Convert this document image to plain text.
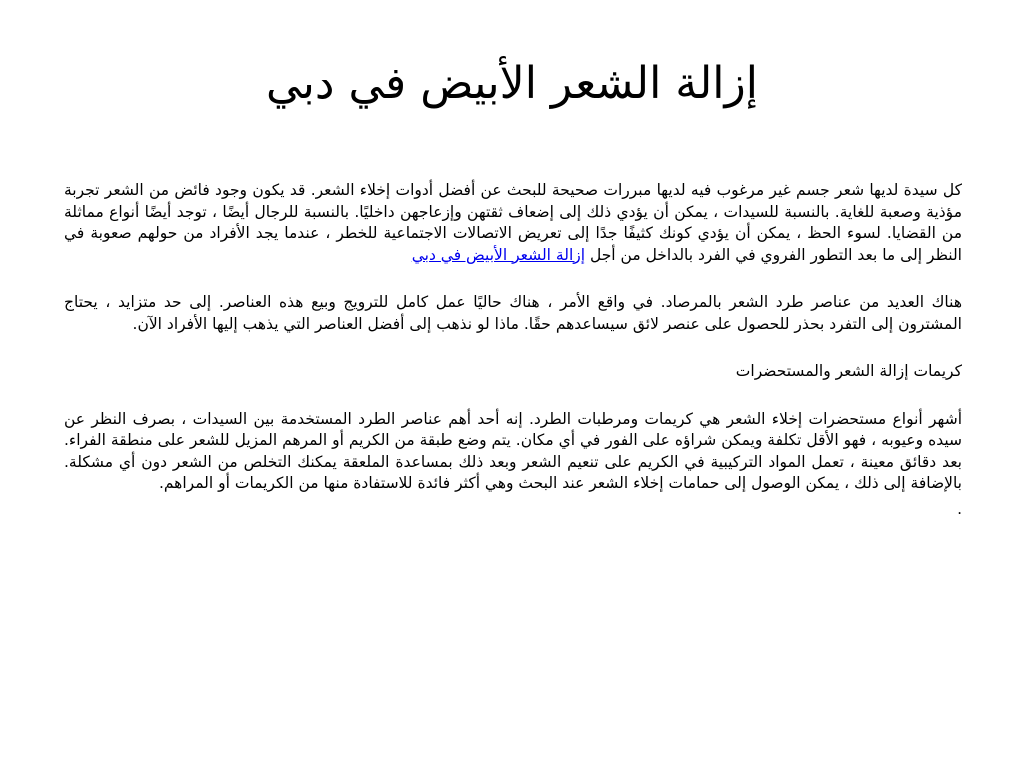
إزالة الشعر الأبيض في دبي

كل سيدة لديها شعر جسم غير مرغوب فيه لديها مبررات صحيحة للبحث عن أفضل أدوات إخلاء الشعر. قد يكون وجود فائض من الشعر تجربة مؤذية وصعبة للغاية. بالنسبة للسيدات ، يمكن أن يؤدي ذلك إلى إضعاف ثقتهن وإزعاجهن داخليًا. بالنسبة للرجال أيضًا ، توجد أيضًا أنواع مماثلة من القضايا. لسوء الحظ ، يمكن أن يؤدي كونك كثيفًا جدًا إلى تعريض الاتصالات الاجتماعية للخطر ، عندما يجد الأفراد من حولهم صعوبة في النظر إلى ما بعد التطور الفروي في الفرد بالداخل من أجل إزالة الشعر الأبيض في دبي

هناك العديد من عناصر طرد الشعر بالمرصاد. في واقع الأمر ، هناك حاليًا عمل كامل للترويج وبيع هذه العناصر. إلى حد متزايد ، يحتاج المشترون إلى التفرد بحذر للحصول على عنصر لائق سيساعدهم حقًا. ماذا لو نذهب إلى أفضل العناصر التي يذهب إليها الأفراد الآن.

كريمات إزالة الشعر والمستحضرات

أشهر أنواع مستحضرات إخلاء الشعر هي كريمات ومرطبات الطرد. إنه أحد أهم عناصر الطرد المستخدمة بين السيدات ، بصرف النظر عن سيده وعيوبه ، فهو الأقل تكلفة ويمكن شراؤه على الفور في أي مكان. يتم وضع طبقة من الكريم أو المرهم المزيل للشعر على منطقة الفراء. بعد دقائق معينة ، تعمل المواد التركيبية في الكريم على تنعيم الشعر وبعد ذلك بمساعدة الملعقة يمكنك التخلص من الشعر دون أي مشكلة. بالإضافة إلى ذلك ، يمكن الوصول إلى حمامات إخلاء الشعر عند البحث وهي أكثر فائدة للاستفادة منها من الكريمات أو المراهم.

.
